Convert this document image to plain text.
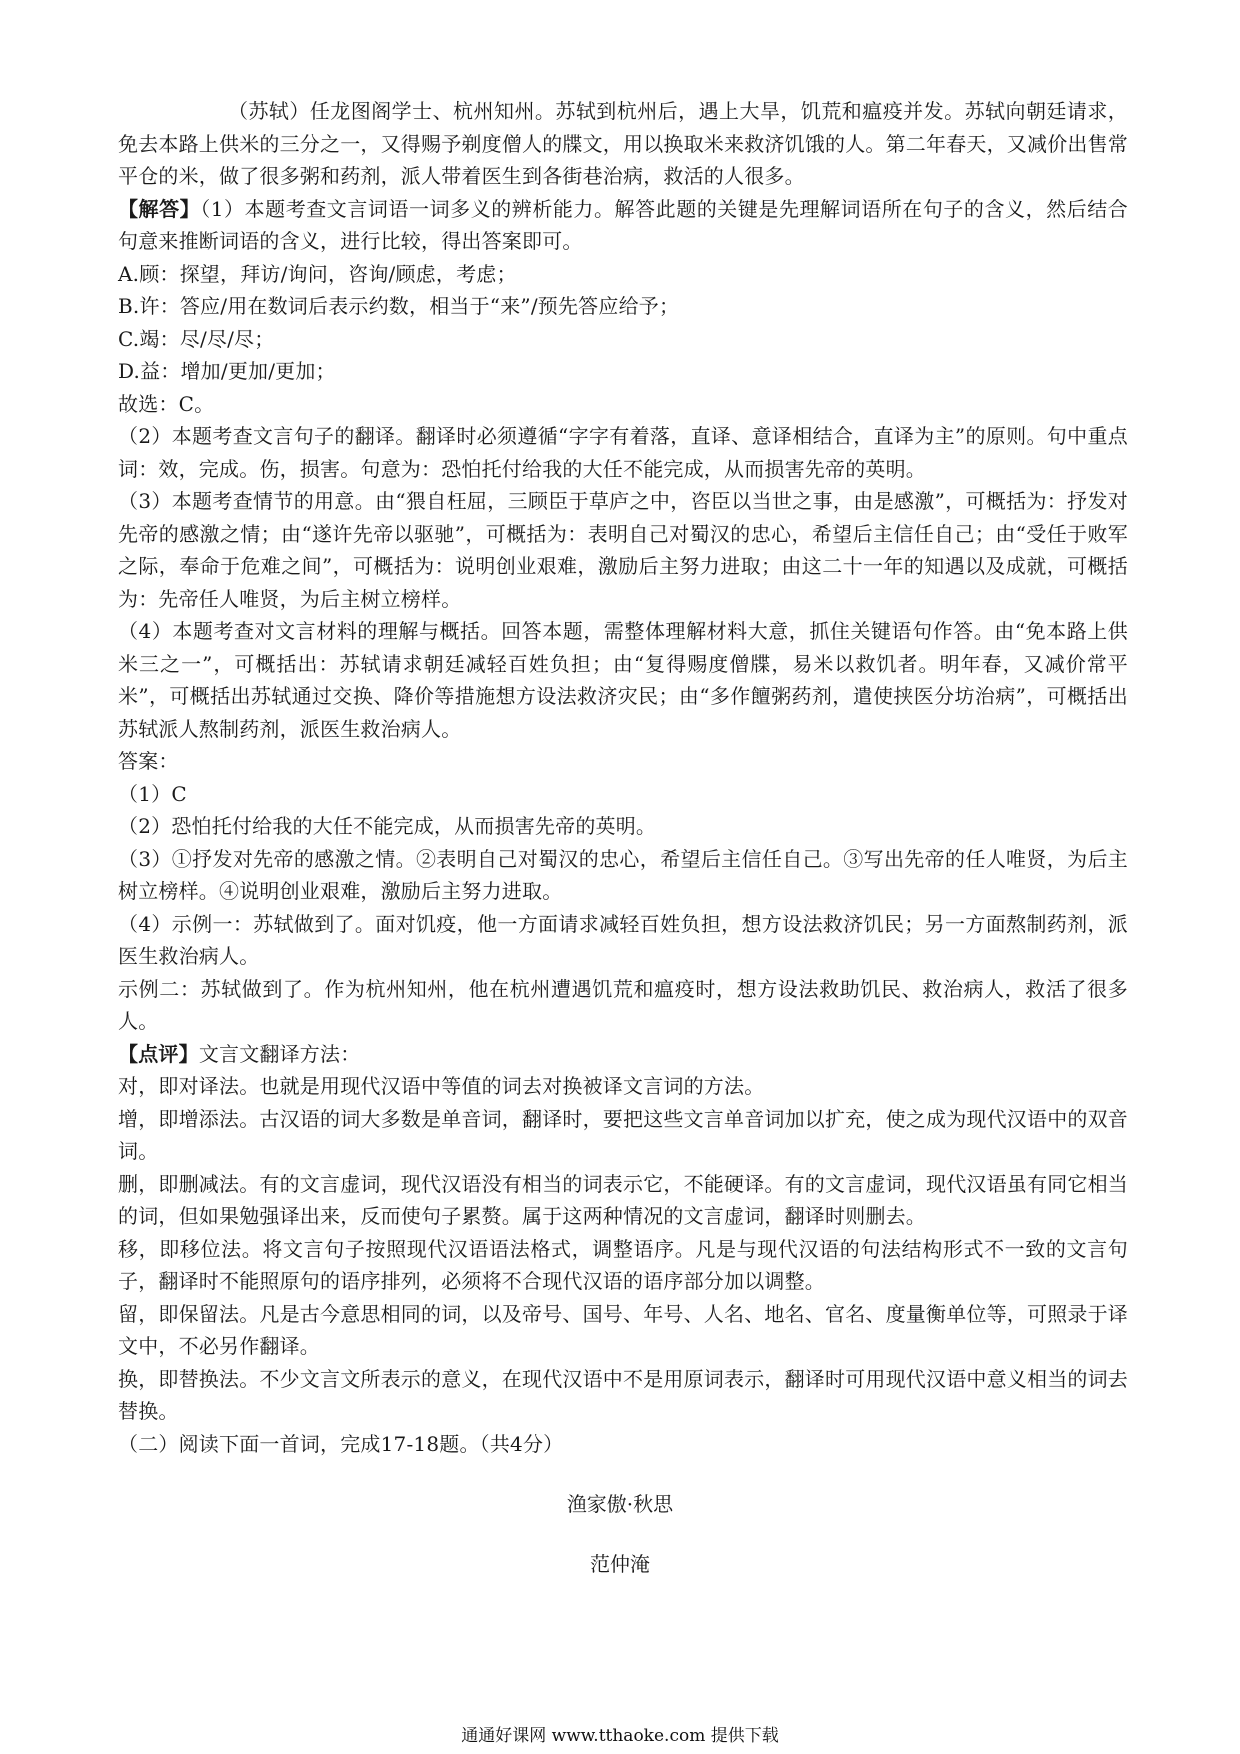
（苏轼）任龙图阁学士、杭州知州。苏轼到杭州后，遇上大旱，饥荒和瘟疫并发。苏轼向朝廷请求，免去本路上供米的三分之一，又得赐予剃度僧人的牒文，用以换取米来救济饥饿的人。第二年春天，又减价出售常平仓的米，做了很多粥和药剂，派人带着医生到各街巷治病，救活的人很多。

【解答】（1）本题考查文言词语一词多义的辨析能力。解答此题的关键是先理解词语所在句子的含义，然后结合句意来推断词语的含义，进行比较，得出答案即可。

A.顾：探望，拜访/询问，咨询/顾虑，考虑；

B.许：答应/用在数词后表示约数，相当于“来”/预先答应给予；

C.竭：尽/尽/尽；

D.益：增加/更加/更加；

故选：C。

（2）本题考查文言句子的翻译。翻译时必须遵循“字字有着落，直译、意译相结合，直译为主”的原则。句中重点词：效，完成。伤，损害。句意为：恐怕托付给我的大任不能完成，从而损害先帝的英明。

（3）本题考查情节的用意。由“猥自枉屈，三顾臣于草庐之中，咨臣以当世之事，由是感激”，可概括为：抒发对先帝的感激之情；由“遂许先帝以驱驰”，可概括为：表明自己对蜀汉的忠心，希望后主信任自己；由“受任于败军之际，奉命于危难之间”，可概括为：说明创业艰难，激励后主努力进取；由这二十一年的知遇以及成就，可概括为：先帝任人唯贤，为后主树立榜样。

（4）本题考查对文言材料的理解与概括。回答本题，需整体理解材料大意，抓住关键语句作答。由“免本路上供米三之一”，可概括出：苏轼请求朝廷减轻百姓负担；由“复得赐度僧牒，易米以救饥者。明年春，又减价常平米”，可概括出苏轼通过交换、降价等措施想方设法救济灾民；由“多作饘粥药剂，遣使挟医分坊治病”，可概括出苏轼派人熬制药剂，派医生救治病人。

答案：

（1）C

（2）恐怕托付给我的大任不能完成，从而损害先帝的英明。

（3）①抒发对先帝的感激之情。②表明自己对蜀汉的忠心，希望后主信任自己。③写出先帝的任人唯贤，为后主树立榜样。④说明创业艰难，激励后主努力进取。

（4）示例一：苏轼做到了。面对饥疫，他一方面请求减轻百姓负担，想方设法救济饥民；另一方面熬制药剂，派医生救治病人。

示例二：苏轼做到了。作为杭州知州，他在杭州遭遇饥荒和瘟疫时，想方设法救助饥民、救治病人，救活了很多人。

【点评】文言文翻译方法：

对，即对译法。也就是用现代汉语中等值的词去对换被译文言词的方法。

增，即增添法。古汉语的词大多数是单音词，翻译时，要把这些文言单音词加以扩充，使之成为现代汉语中的双音词。

删，即删减法。有的文言虚词，现代汉语没有相当的词表示它，不能硬译。有的文言虚词，现代汉语虽有同它相当的词，但如果勉强译出来，反而使句子累赘。属于这两种情况的文言虚词，翻译时则删去。

移，即移位法。将文言句子按照现代汉语语法格式，调整语序。凡是与现代汉语的句法结构形式不一致的文言句子，翻译时不能照原句的语序排列，必须将不合现代汉语的语序部分加以调整。

留，即保留法。凡是古今意思相同的词，以及帝号、国号、年号、人名、地名、官名、度量衡单位等，可照录于译文中，不必另作翻译。

换，即替换法。不少文言文所表示的意义，在现代汉语中不是用原词表示，翻译时可用现代汉语中意义相当的词去替换。

（二）阅读下面一首词，完成17-18题。（共4分）

渔家傲·秋思
范仲淹
通通好课网 www.tthaoke.com 提供下载
